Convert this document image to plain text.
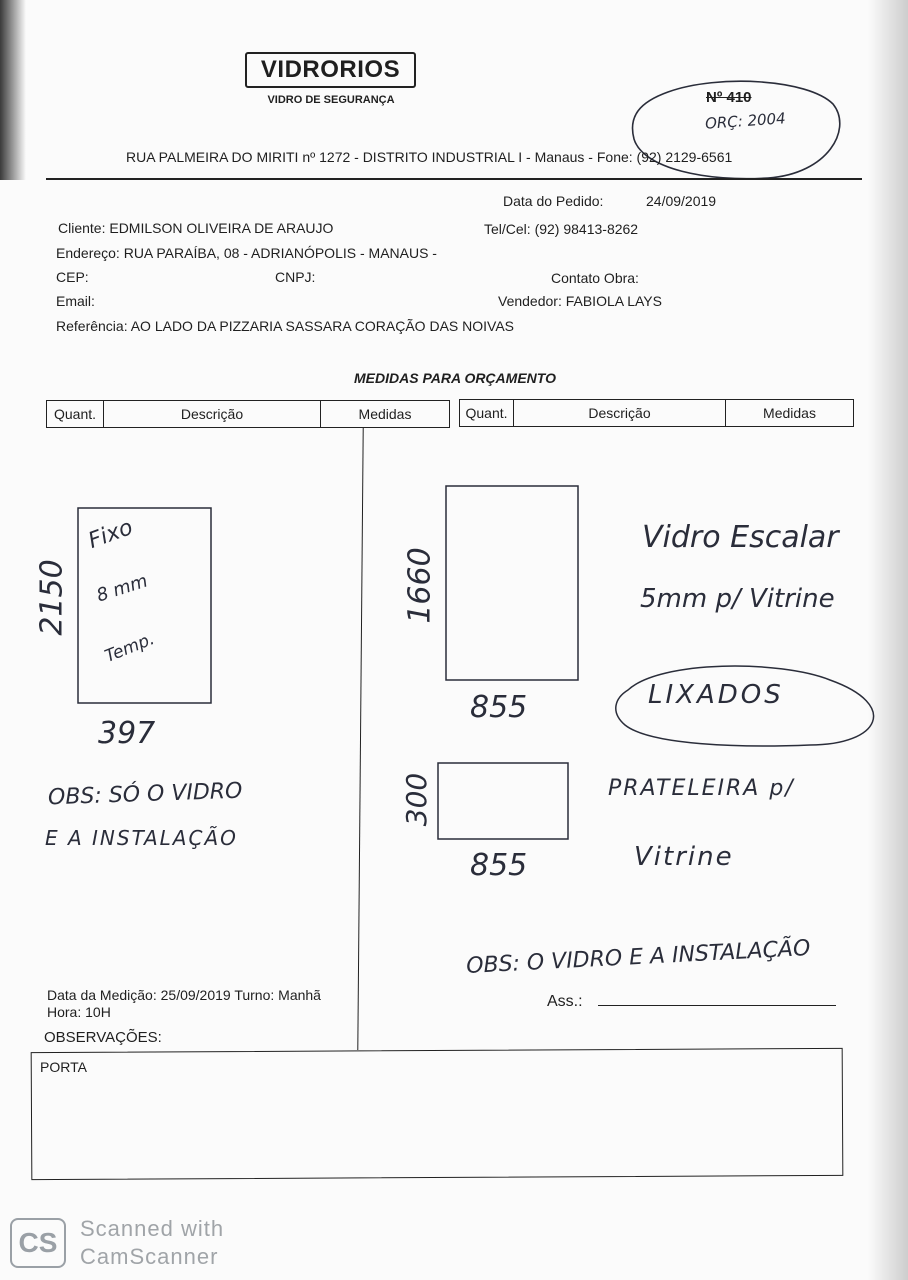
VIDRORIOS
VIDRO DE SEGURANÇA	Nº 410
ORÇ: 2004
RUA PALMEIRA DO MIRITI nº 1272 - DISTRITO INDUSTRIAL I - Manaus - Fone: (92) 2129-6561
Data do Pedido:	24/09/2019
Cliente: EDMILSON OLIVEIRA DE ARAUJO	Tel/Cel: (92) 98413-8262
Endereço: RUA PARAÍBA, 08 - ADRIANÓPOLIS - MANAUS -
CEP:	CNPJ:	Contato Obra:
Email:	Vendedor: FABIOLA LAYS
Referência: AO LADO DA PIZZARIA SASSARA CORAÇÃO DAS NOIVAS
MEDIDAS PARA ORÇAMENTO
Quant.	Descrição	Medidas	Quant.	Descrição	Medidas
2150
Fixo
8 mm
Temp.
397
OBS: SÓ O VIDRO
E A INSTALAÇÃO
1660
855
Vidro Escalar
5mm p/ Vitrine
LIXADOS
300
855
PRATELEIRA p/
Vitrine
OBS: O VIDRO E A INSTALAÇÃO
Data da Medição: 25/09/2019 Turno: Manhã
Hora: 10H
Ass.:
OBSERVAÇÕES:
PORTA
CS	Scanned with
CamScanner
